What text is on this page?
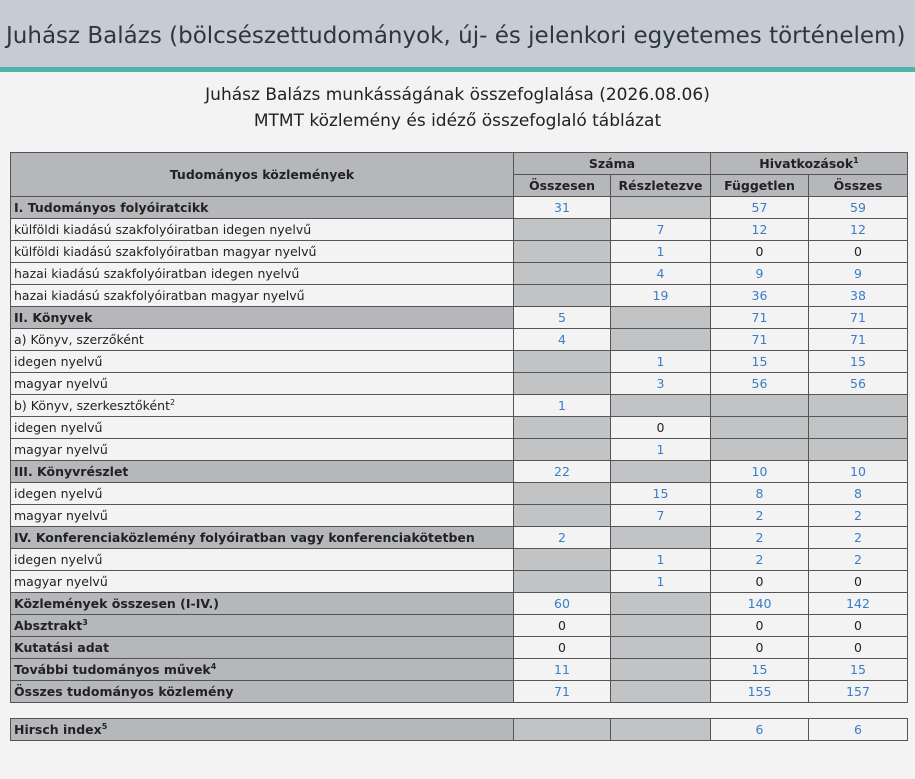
Juhász Balázs (bölcsészettudományok, új- és jelenkori egyetemes történelem)
Juhász Balázs munkásságának összefoglalása (2026.08.06)
MTMT közlemény és idéző összefoglaló táblázat
Tudományos közlemények	Száma		Hivatkozások$^1$
	Összesen	Részletezve	Független	Összes
I. Tudományos folyóiratcikk	31		57	59
külföldi kiadású szakfolyóiratban idegen nyelvű		7	12	12
külföldi kiadású szakfolyóiratban magyar nyelvű		1	0	0
hazai kiadású szakfolyóiratban idegen nyelvű		4	9	9
hazai kiadású szakfolyóiratban magyar nyelvű		19	36	38
II. Könyvek	5		71	71
a) Könyv, szerzőként	4		71	71
idegen nyelvű		1	15	15
magyar nyelvű		3	56	56
b) Könyv, szerkesztőként$^2$	1			
idegen nyelvű		0		
magyar nyelvű		1		
III. Könyvrészlet	22		10	10
idegen nyelvű		15	8	8
magyar nyelvű		7	2	2
IV. Konferenciaközlemény folyóiratban vagy konferenciakötetben	2		2	2
idegen nyelvű		1	2	2
magyar nyelvű		1	0	0
Közlemények összesen (I-IV.)	60		140	142
Absztrakt$^3$	0		0	0
Kutatási adat	0		0	0
További tudományos művek$^4$	11		15	15
Összes tudományos közlemény	71		155	157

Hirsch index$^5$			6	6
